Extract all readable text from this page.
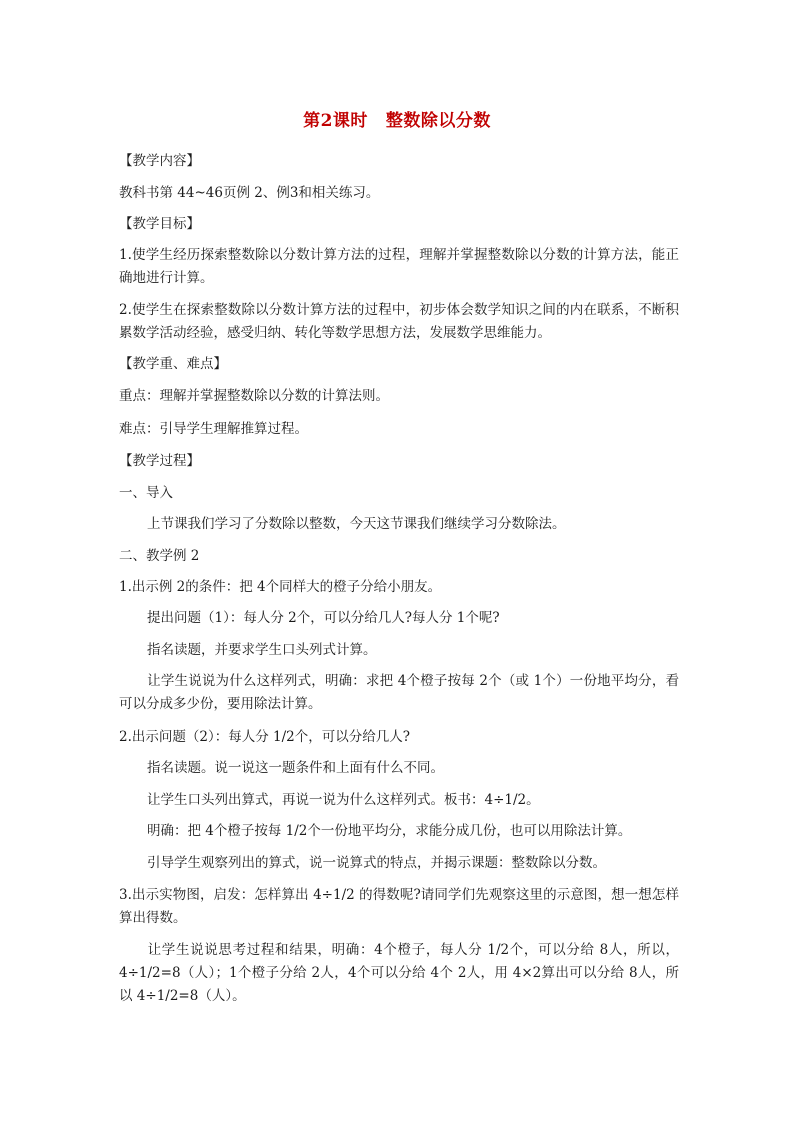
第2课时 整数除以分数
【教学内容】
教科书第 44~46页例 2、例3和相关练习。
【教学目标】
1.使学生经历探索整数除以分数计算方法的过程，理解并掌握整数除以分数的计算方法，能正确地进行计算。
2.使学生在探索整数除以分数计算方法的过程中，初步体会数学知识之间的内在联系，不断积累数学活动经验，感受归纳、转化等数学思想方法，发展数学思维能力。
【教学重、难点】
重点：理解并掌握整数除以分数的计算法则。
难点：引导学生理解推算过程。
【教学过程】
一、导入
上节课我们学习了分数除以整数，今天这节课我们继续学习分数除法。
二、教学例 2
1.出示例 2的条件：把 4个同样大的橙子分给小朋友。
提出问题（1）：每人分 2个，可以分给几人?每人分 1个呢?
指名读题，并要求学生口头列式计算。
让学生说说为什么这样列式，明确：求把 4个橙子按每 2个（或 1个）一份地平均分，看可以分成多少份，要用除法计算。
2.出示问题（2）：每人分 1/2个，可以分给几人?
指名读题。说一说这一题条件和上面有什么不同。
让学生口头列出算式，再说一说为什么这样列式。板书：4÷1/2。
明确：把 4个橙子按每 1/2个一份地平均分，求能分成几份，也可以用除法计算。
引导学生观察列出的算式，说一说算式的特点，并揭示课题：整数除以分数。
3.出示实物图，启发：怎样算出 4÷1/2 的得数呢?请同学们先观察这里的示意图，想一想怎样算出得数。
让学生说说思考过程和结果，明确：4个橙子，每人分 1/2个，可以分给 8人，所以，4÷1/2=8（人）；1个橙子分给 2人，4个可以分给 4个 2人，用 4×2算出可以分给 8人，所以 4÷1/2=8（人）。
